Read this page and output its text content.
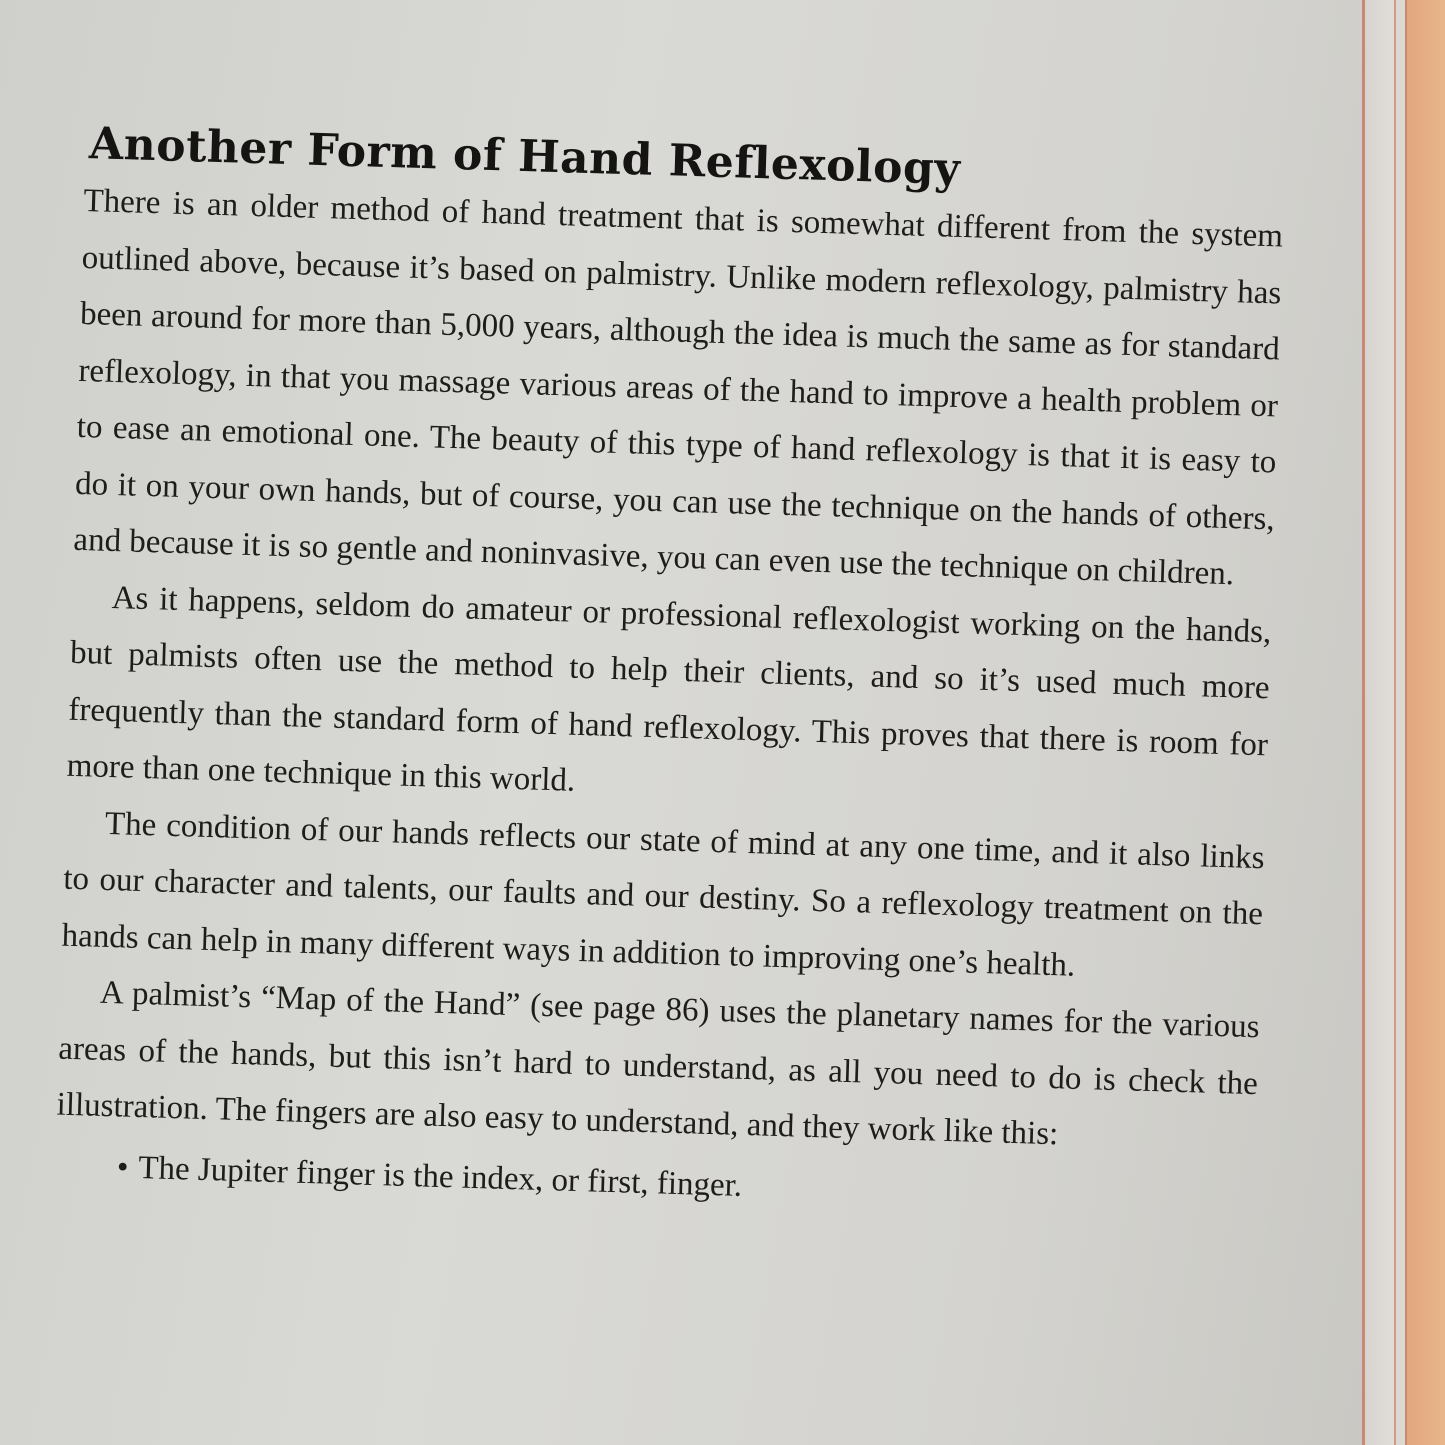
Another Form of Hand Reflexology

There is an older method of hand treatment that is somewhat different from the system outlined above, because it’s based on palmistry. Unlike modern reflexology, palmistry has been around for more than 5,000 years, although the idea is much the same as for standard reflexology, in that you massage various areas of the hand to improve a health problem or to ease an emotional one. The beauty of this type of hand reflexology is that it is easy to do it on your own hands, but of course, you can use the technique on the hands of others, and because it is so gentle and noninvasive, you can even use the technique on children.

As it happens, seldom do amateur or professional reflexologist working on the hands, but palmists often use the method to help their clients, and so it’s used much more frequently than the standard form of hand reflexology. This proves that there is room for more than one technique in this world.

The condition of our hands reflects our state of mind at any one time, and it also links to our character and talents, our faults and our destiny. So a reflexology treatment on the hands can help in many different ways in addition to improving one’s health.

A palmist’s “Map of the Hand” (see page 86) uses the planetary names for the various areas of the hands, but this isn’t hard to understand, as all you need to do is check the illustration. The fingers are also easy to understand, and they work like this:

• The Jupiter finger is the index, or first, finger.
